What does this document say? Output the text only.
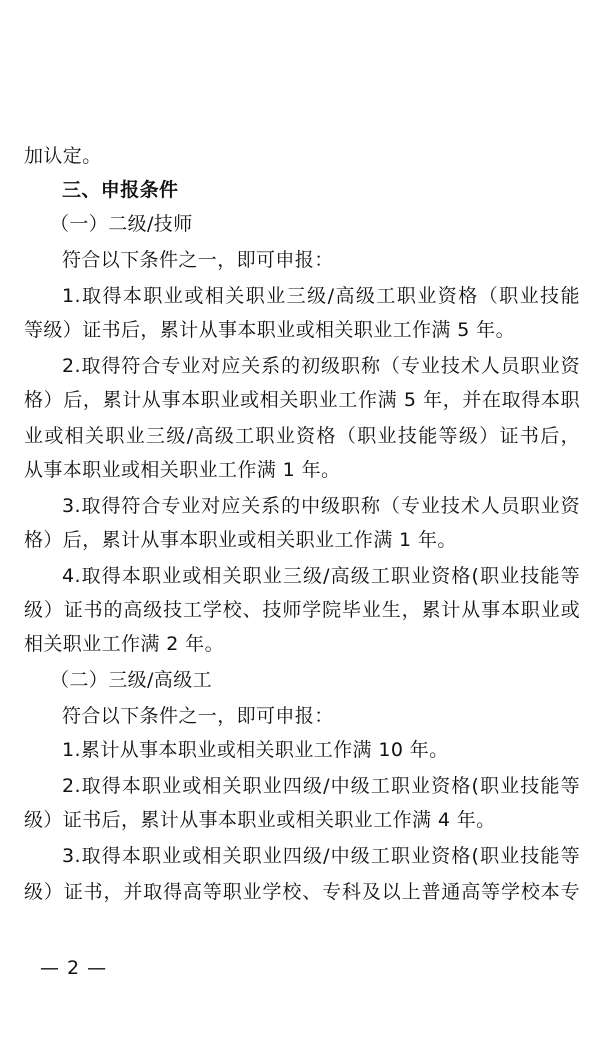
加认定。
三、申报条件
（一）二级/技师
符合以下条件之一，即可申报：
1.取得本职业或相关职业三级/高级工职业资格（职业技能
等级）证书后，累计从事本职业或相关职业工作满 5 年。
2.取得符合专业对应关系的初级职称（专业技术人员职业资
格）后，累计从事本职业或相关职业工作满 5 年，并在取得本职
业或相关职业三级/高级工职业资格（职业技能等级）证书后，
从事本职业或相关职业工作满 1 年。
3.取得符合专业对应关系的中级职称（专业技术人员职业资
格）后，累计从事本职业或相关职业工作满 1 年。
4.取得本职业或相关职业三级/高级工职业资格(职业技能等
级）证书的高级技工学校、技师学院毕业生，累计从事本职业或
相关职业工作满 2 年。
（二）三级/高级工
符合以下条件之一，即可申报：
1.累计从事本职业或相关职业工作满 10 年。
2.取得本职业或相关职业四级/中级工职业资格(职业技能等
级）证书后，累计从事本职业或相关职业工作满 4 年。
3.取得本职业或相关职业四级/中级工职业资格(职业技能等
级）证书，并取得高等职业学校、专科及以上普通高等学校本专
— 2 —
